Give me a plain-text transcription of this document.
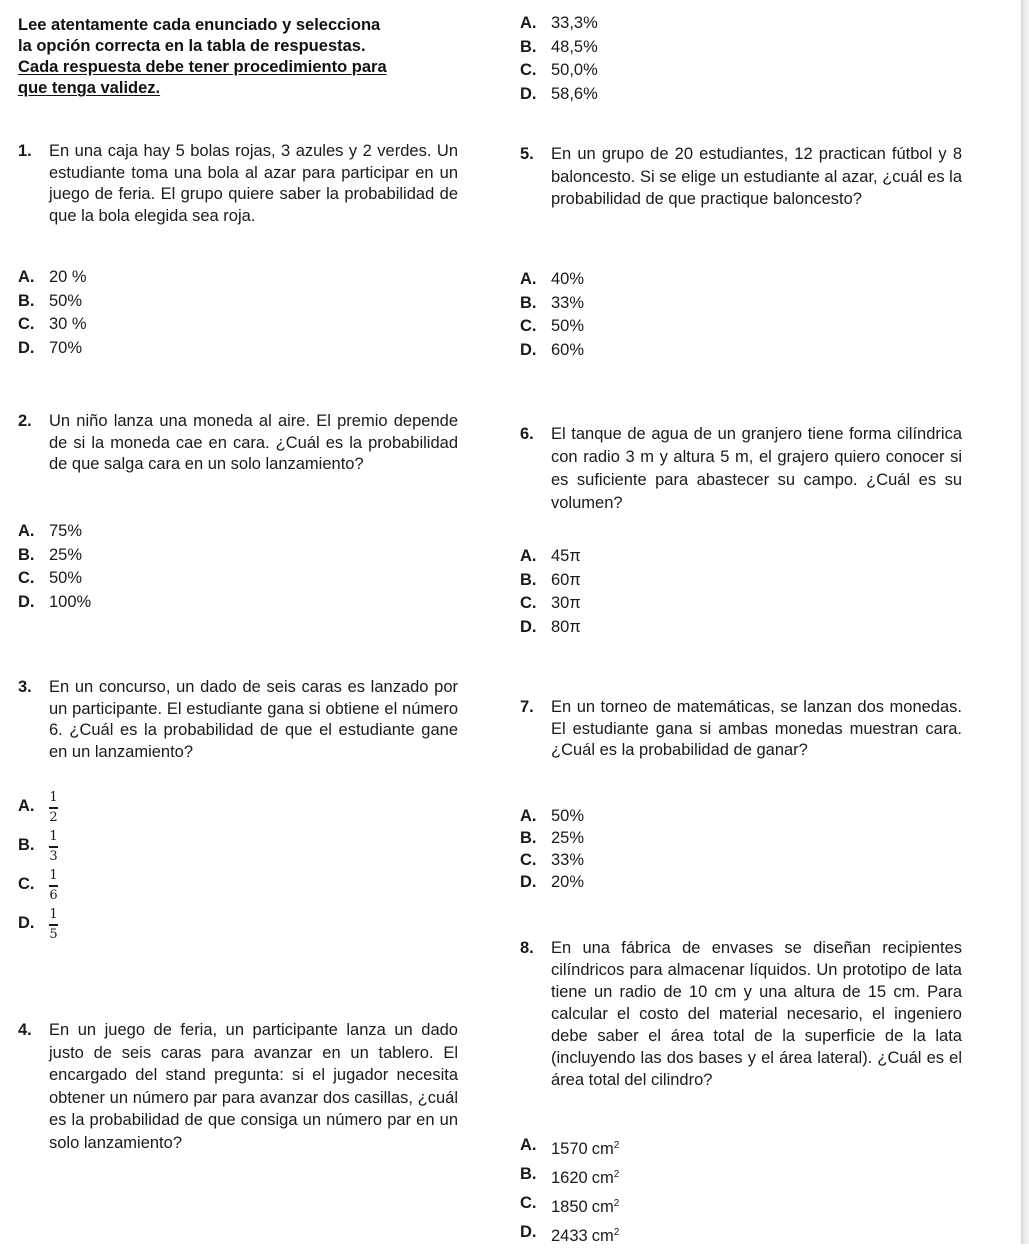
Lee atentamente cada enunciado y selecciona
la opción correcta en la tabla de respuestas.
Cada respuesta debe tener procedimiento para
que tenga validez.
A. 33,3%
B. 48,5%
C. 50,0%
D. 58,6%
1. En una caja hay 5 bolas rojas, 3 azules y 2 verdes. Un estudiante toma una bola al azar para participar en un juego de feria. El grupo quiere saber la probabilidad de que la bola elegida sea roja.
A. 20 %
B. 50%
C. 30 %
D. 70%
5. En un grupo de 20 estudiantes, 12 practican fútbol y 8 baloncesto. Si se elige un estudiante al azar, ¿cuál es la probabilidad de que practique baloncesto?
A. 40%
B. 33%
C. 50%
D. 60%
2. Un niño lanza una moneda al aire. El premio depende de si la moneda cae en cara. ¿Cuál es la probabilidad de que salga cara en un solo lanzamiento?
A. 75%
B. 25%
C. 50%
D. 100%
6. El tanque de agua de un granjero tiene forma cilíndrica con radio 3 m y altura 5 m, el grajero quiero conocer si es suficiente para abastecer su campo. ¿Cuál es su volumen?
A. 45π
B. 60π
C. 30π
D. 80π
3. En un concurso, un dado de seis caras es lanzado por un participante. El estudiante gana si obtiene el número 6. ¿Cuál es la probabilidad de que el estudiante gane en un lanzamiento?
A. $\frac{1}{2}$
B. $\frac{1}{3}$
C. $\frac{1}{6}$
D. $\frac{1}{5}$
7. En un torneo de matemáticas, se lanzan dos monedas. El estudiante gana si ambas monedas muestran cara. ¿Cuál es la probabilidad de ganar?
A. 50%
B. 25%
C. 33%
D. 20%
8. En una fábrica de envases se diseñan recipientes cilíndricos para almacenar líquidos. Un prototipo de lata tiene un radio de 10 cm y una altura de 15 cm. Para calcular el costo del material necesario, el ingeniero debe saber el área total de la superficie de la lata (incluyendo las dos bases y el área lateral). ¿Cuál es el área total del cilindro?
A. 1570 $cm^2$
B. 1620 $cm^2$
C. 1850 $cm^2$
D. 2433 $cm^2$
4. En un juego de feria, un participante lanza un dado justo de seis caras para avanzar en un tablero. El encargado del stand pregunta: si el jugador necesita obtener un número par para avanzar dos casillas, ¿cuál es la probabilidad de que consiga un número par en un solo lanzamiento?
